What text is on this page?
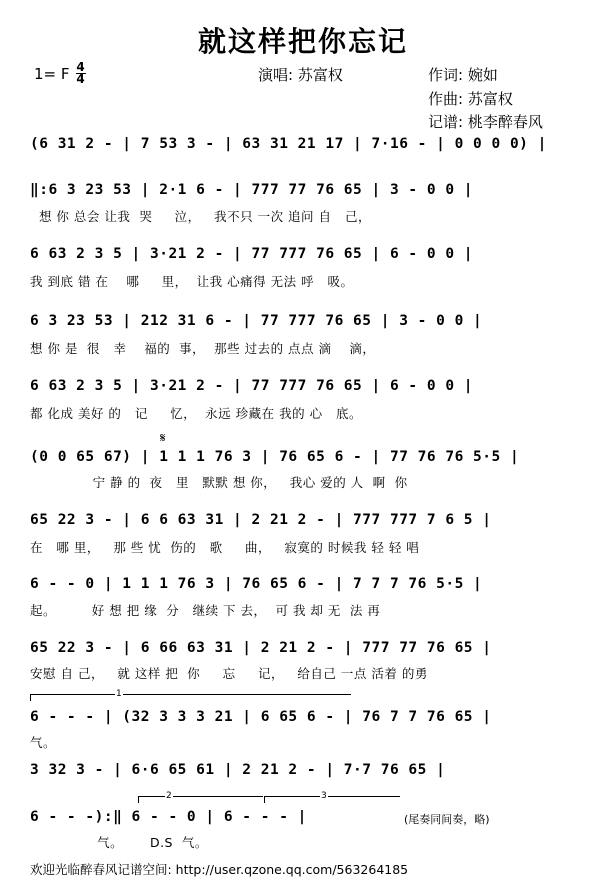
就这样把你忘记
1= F 4
4	演唱: 苏富权	作词: 婉如
作曲: 苏富权
记谱: 桃李醉春风
(6 31 2 - | 7 53 3 - | 63 31 21 17 | 7·16 - | 0 0 0 0) |
‖:6 3 23 53 | 2·1 6 - | 777 77 76 65 | 3 - 0 0 |
想 你 总会 让我  哭     泣，   我不只 一次 追问 自   己，
6 63 2 3 5 | 3·21 2 - | 77 777 76 65 | 6 - 0 0 |
我 到底 错 在    哪     里，  让我 心痛得 无法 呼   吸。
6 3 23 53 | 212 31 6 - | 77 777 76 65 | 3 - 0 0 |
想 你 是  很   幸    福的  事，  那些 过去的 点点 滴    滴，
6 63 2 3 5 | 3·21 2 - | 77 777 76 65 | 6 - 0 0 |
都 化成 美好 的   记     忆，  永远 珍藏在 我的 心   底。
𝄋
(0 0 65 67) | 1 1 1 76 3 | 76 65 6 - | 77 76 76 5·5 |
宁 静 的  夜   里   默默 想 你，   我心 爱的 人  啊  你
65 22 3 - | 6 6 63 31 | 2 21 2 - | 777 777 7 6 5 |
在   哪 里，   那 些 忧  伤的   歌     曲，   寂寞的 时候我 轻 轻 唱
6 - - 0 | 1 1 1 76 3 | 76 65 6 - | 7 7 7 76 5·5 |
起。        好 想 把 缘  分   继续 下 去，  可 我 却 无  法 再
65 22 3 - | 6 66 63 31 | 2 21 2 - | 777 77 76 65 |
安慰 自 己，   就 这样 把  你     忘     记，   给自己 一点 活着 的勇
1
6 - - - | (32 3 3 3 21 | 6 65 6 - | 76 7 7 76 65 |
气。
3 32 3 - | 6·6 65 61 | 2 21 2 - | 7·7 76 65 |
2	3
6 - - -):‖ 6 - - 0 | 6 - - - |
气。      D.S  气。
(尾奏同间奏，略)
欢迎光临醉春风记谱空间: http://user.qzone.qq.com/563264185
